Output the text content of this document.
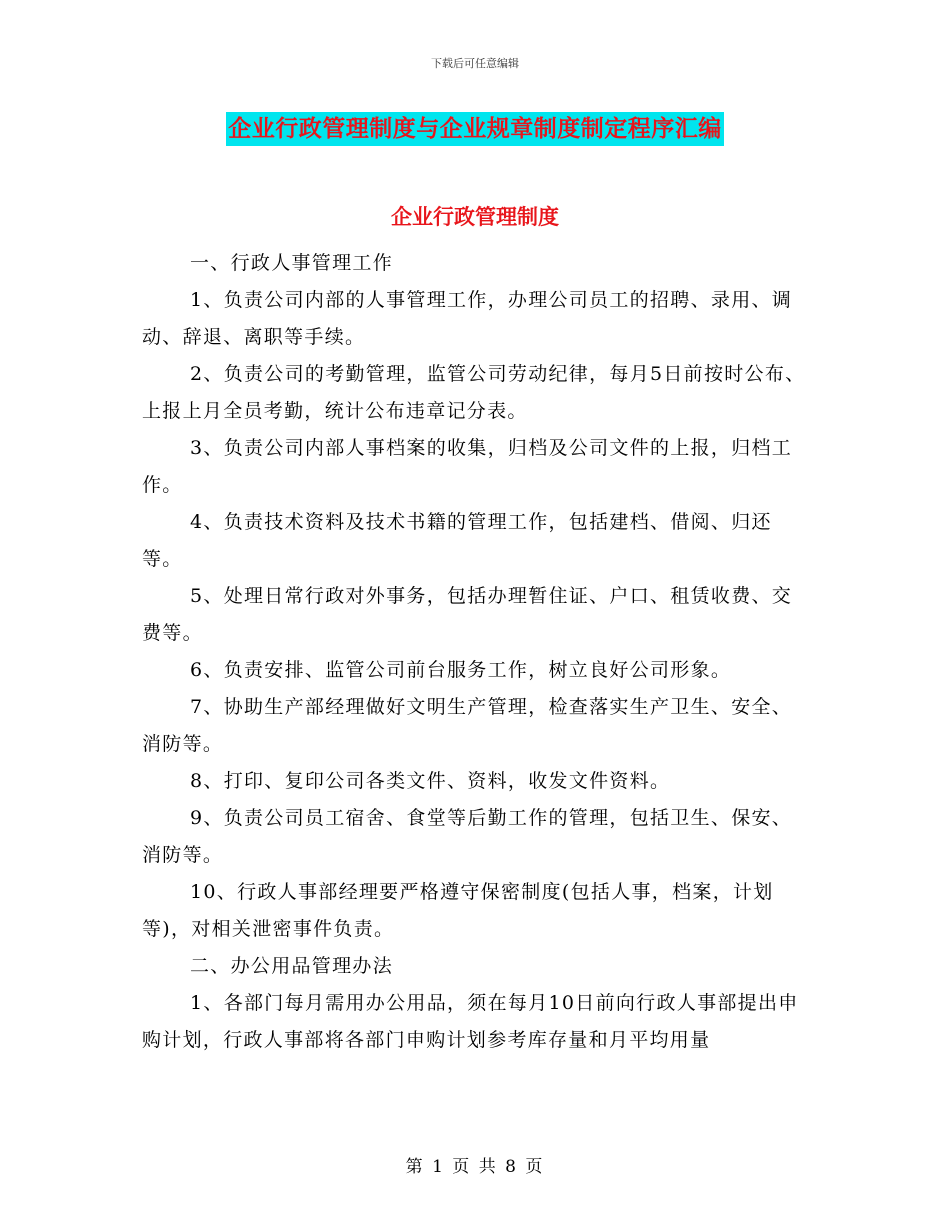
下载后可任意编辑
企业行政管理制度与企业规章制度制定程序汇编
企业行政管理制度

一、行政人事管理工作

1、负责公司内部的人事管理工作，办理公司员工的招聘、录用、调动、辞退、离职等手续。

2、负责公司的考勤管理，监管公司劳动纪律，每月5日前按时公布、上报上月全员考勤，统计公布违章记分表。

3、负责公司内部人事档案的收集，归档及公司文件的上报，归档工作。

4、负责技术资料及技术书籍的管理工作，包括建档、借阅、归还等。

5、处理日常行政对外事务，包括办理暂住证、户口、租赁收费、交费等。

6、负责安排、监管公司前台服务工作，树立良好公司形象。

7、协助生产部经理做好文明生产管理，检查落实生产卫生、安全、消防等。

8、打印、复印公司各类文件、资料，收发文件资料。

9、负责公司员工宿舍、食堂等后勤工作的管理，包括卫生、保安、消防等。

10、行政人事部经理要严格遵守保密制度(包括人事，档案，计划等)，对相关泄密事件负责。

二、办公用品管理办法

1、各部门每月需用办公用品，须在每月10日前向行政人事部提出申购计划，行政人事部将各部门申购计划参考库存量和月平均用量

第 1 页 共 8 页
